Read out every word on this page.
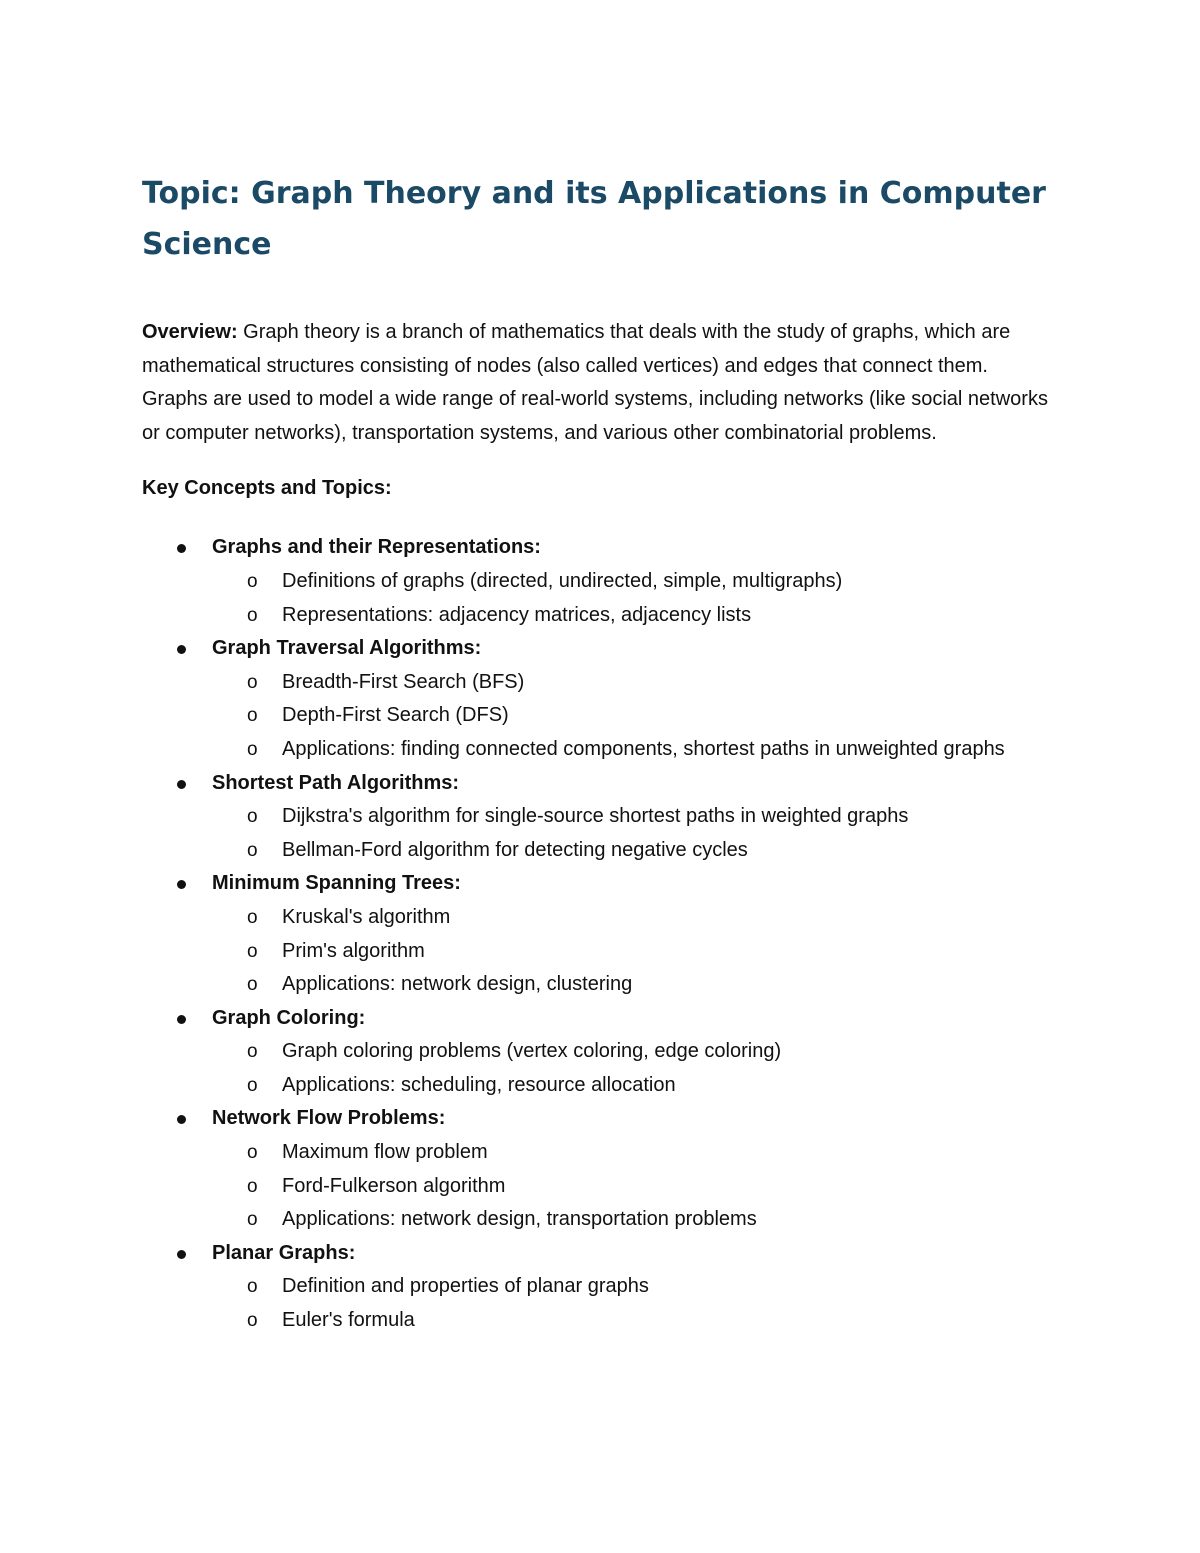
Topic: Graph Theory and its Applications in Computer Science

Overview: Graph theory is a branch of mathematics that deals with the study of graphs, which are mathematical structures consisting of nodes (also called vertices) and edges that connect them. Graphs are used to model a wide range of real-world systems, including networks (like social networks or computer networks), transportation systems, and various other combinatorial problems.

Key Concepts and Topics:

Graphs and their Representations:
o Definitions of graphs (directed, undirected, simple, multigraphs)
o Representations: adjacency matrices, adjacency lists
Graph Traversal Algorithms:
o Breadth-First Search (BFS)
o Depth-First Search (DFS)
o Applications: finding connected components, shortest paths in unweighted graphs
Shortest Path Algorithms:
o Dijkstra's algorithm for single-source shortest paths in weighted graphs
o Bellman-Ford algorithm for detecting negative cycles
Minimum Spanning Trees:
o Kruskal's algorithm
o Prim's algorithm
o Applications: network design, clustering
Graph Coloring:
o Graph coloring problems (vertex coloring, edge coloring)
o Applications: scheduling, resource allocation
Network Flow Problems:
o Maximum flow problem
o Ford-Fulkerson algorithm
o Applications: network design, transportation problems
Planar Graphs:
o Definition and properties of planar graphs
o Euler's formula
